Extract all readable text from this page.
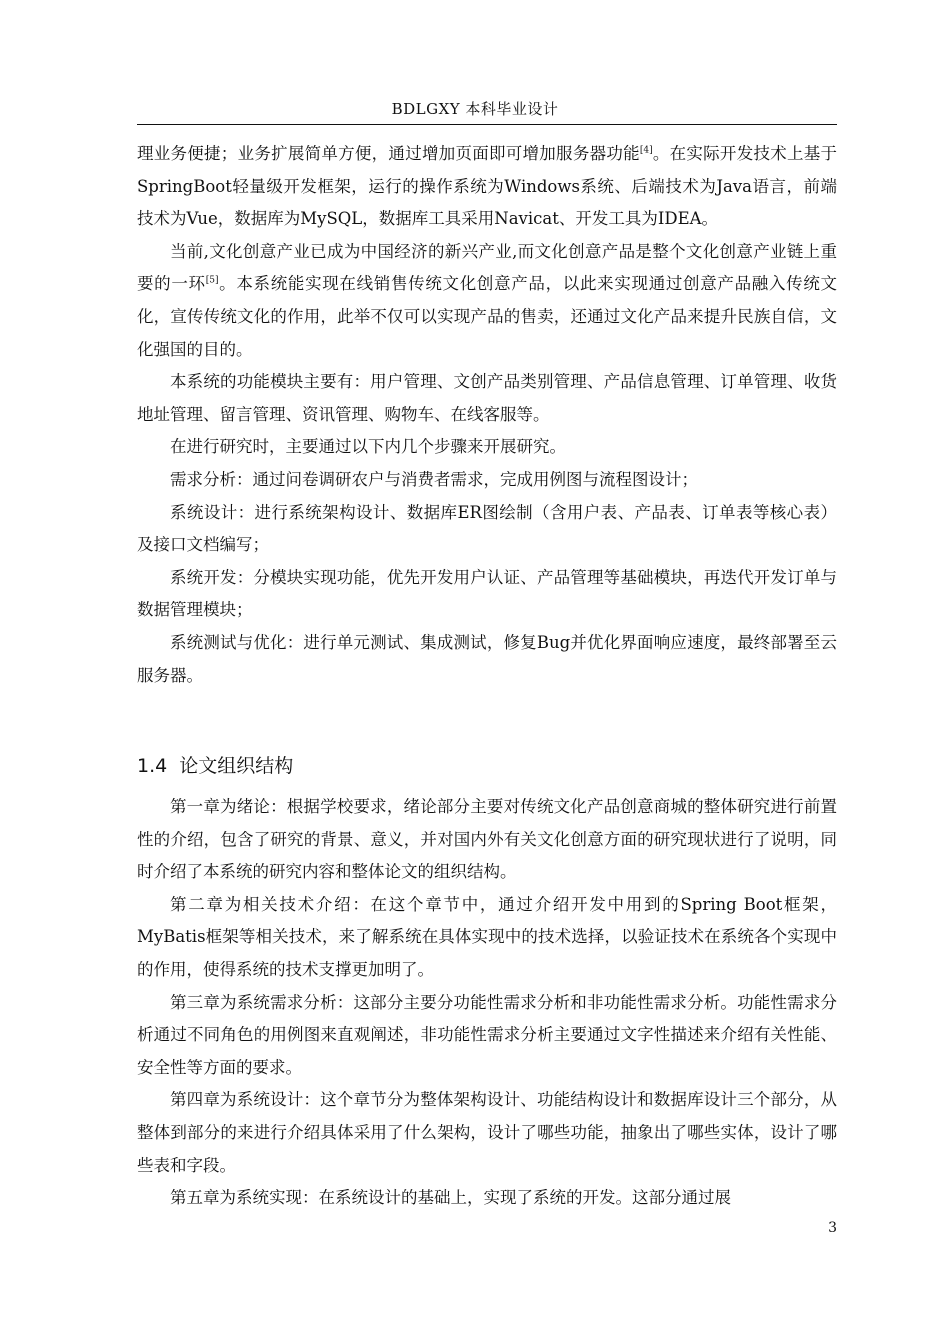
BDLGXY 本科毕业设计

理业务便捷；业务扩展简单方便，通过增加页面即可增加服务器功能[4]。在实际开发技术上基于SpringBoot轻量级开发框架，运行的操作系统为Windows系统、后端技术为Java语言，前端技术为Vue，数据库为MySQL，数据库工具采用Navicat、开发工具为IDEA。

当前,文化创意产业已成为中国经济的新兴产业,而文化创意产品是整个文化创意产业链上重要的一环[5]。本系统能实现在线销售传统文化创意产品，以此来实现通过创意产品融入传统文化，宣传传统文化的作用，此举不仅可以实现产品的售卖，还通过文化产品来提升民族自信，文化强国的目的。

本系统的功能模块主要有：用户管理、文创产品类别管理、产品信息管理、订单管理、收货地址管理、留言管理、资讯管理、购物车、在线客服等。

在进行研究时，主要通过以下内几个步骤来开展研究。

需求分析：通过问卷调研农户与消费者需求，完成用例图与流程图设计；

系统设计：进行系统架构设计、数据库ER图绘制（含用户表、产品表、订单表等核心表）及接口文档编写；

系统开发：分模块实现功能，优先开发用户认证、产品管理等基础模块，再迭代开发订单与数据管理模块；

系统测试与优化：进行单元测试、集成测试，修复Bug并优化界面响应速度，最终部署至云服务器。

1.4 论文组织结构

第一章为绪论：根据学校要求，绪论部分主要对传统文化产品创意商城的整体研究进行前置性的介绍，包含了研究的背景、意义，并对国内外有关文化创意方面的研究现状进行了说明，同时介绍了本系统的研究内容和整体论文的组织结构。

第二章为相关技术介绍：在这个章节中，通过介绍开发中用到的Spring Boot框架，MyBatis框架等相关技术，来了解系统在具体实现中的技术选择，以验证技术在系统各个实现中的作用，使得系统的技术支撑更加明了。

第三章为系统需求分析：这部分主要分功能性需求分析和非功能性需求分析。功能性需求分析通过不同角色的用例图来直观阐述，非功能性需求分析主要通过文字性描述来介绍有关性能、安全性等方面的要求。

第四章为系统设计：这个章节分为整体架构设计、功能结构设计和数据库设计三个部分，从整体到部分的来进行介绍具体采用了什么架构，设计了哪些功能，抽象出了哪些实体，设计了哪些表和字段。

第五章为系统实现：在系统设计的基础上，实现了系统的开发。这部分通过展

3
